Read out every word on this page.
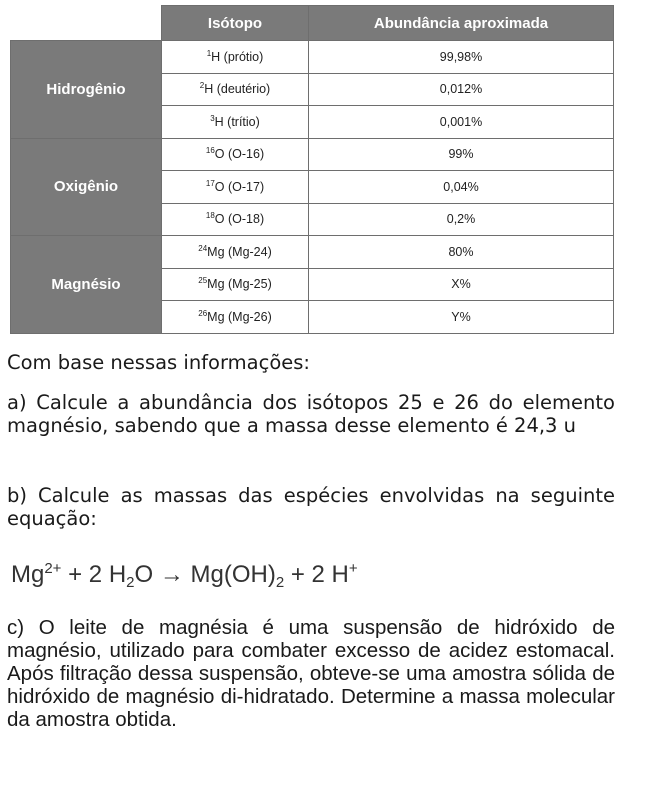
	Isótopo	Abundância aproximada
Hidrogênio	$^1$H (prótio)	99,98%
	$^2$H (deutério)	0,012%
	$^3$H (trítio)	0,001%
Oxigênio	$^{16}$O (O-16)	99%
	$^{17}$O (O-17)	0,04%
	$^{18}$O (O-18)	0,2%
Magnésio	$^{24}$Mg (Mg-24)	80%
	$^{25}$Mg (Mg-25)	X%
	$^{26}$Mg (Mg-26)	Y%

Com base nessas informações:

a) Calcule a abundância dos isótopos 25 e 26 do elemento magnésio, sabendo que a massa desse elemento é 24,3 u

b) Calcule as massas das espécies envolvidas na seguinte equação:

$Mg^{2+} + 2$ $H_2O \to Mg(OH)_2 + 2$ H+

c) O leite de magnésia é uma suspensão de hidróxido de magnésio, utilizado para combater excesso de acidez estomacal. Após filtração dessa suspensão, obteve-se uma amostra sólida de hidróxido de magnésio di-hidratado. Determine a massa molecular da amostra obtida.
